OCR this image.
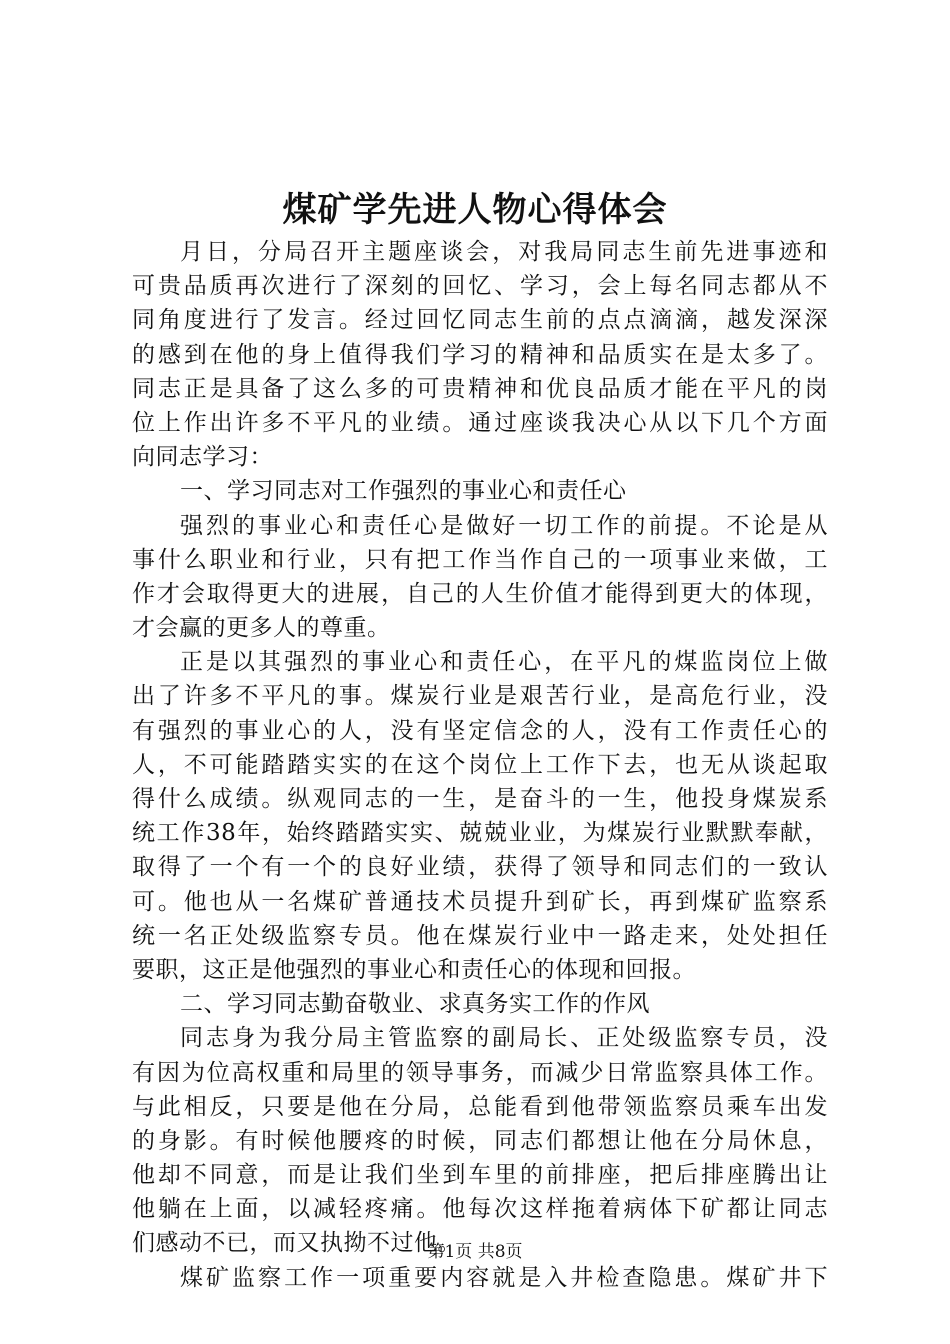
煤矿学先进人物心得体会
月日，分局召开主题座谈会，对我局同志生前先进事迹和
可贵品质再次进行了深刻的回忆、学习，会上每名同志都从不
同角度进行了发言。经过回忆同志生前的点点滴滴，越发深深
的感到在他的身上值得我们学习的精神和品质实在是太多了。
同志正是具备了这么多的可贵精神和优良品质才能在平凡的岗
位上作出许多不平凡的业绩。通过座谈我决心从以下几个方面
向同志学习：
一、学习同志对工作强烈的事业心和责任心
强烈的事业心和责任心是做好一切工作的前提。不论是从
事什么职业和行业，只有把工作当作自己的一项事业来做，工
作才会取得更大的进展，自己的人生价值才能得到更大的体现，
才会赢的更多人的尊重。
正是以其强烈的事业心和责任心，在平凡的煤监岗位上做
出了许多不平凡的事。煤炭行业是艰苦行业，是高危行业，没
有强烈的事业心的人，没有坚定信念的人，没有工作责任心的
人，不可能踏踏实实的在这个岗位上工作下去，也无从谈起取
得什么成绩。纵观同志的一生，是奋斗的一生，他投身煤炭系
统工作38年，始终踏踏实实、兢兢业业，为煤炭行业默默奉献，
取得了一个有一个的良好业绩，获得了领导和同志们的一致认
可。他也从一名煤矿普通技术员提升到矿长，再到煤矿监察系
统一名正处级监察专员。他在煤炭行业中一路走来，处处担任
要职，这正是他强烈的事业心和责任心的体现和回报。
二、学习同志勤奋敬业、求真务实工作的作风
同志身为我分局主管监察的副局长、正处级监察专员，没
有因为位高权重和局里的领导事务，而减少日常监察具体工作。
与此相反，只要是他在分局，总能看到他带领监察员乘车出发
的身影。有时候他腰疼的时候，同志们都想让他在分局休息，
他却不同意，而是让我们坐到车里的前排座，把后排座腾出让
他躺在上面，以减轻疼痛。他每次这样拖着病体下矿都让同志
们感动不已，而又执拗不过他。
煤矿监察工作一项重要内容就是入井检查隐患。煤矿井下
第1页 共8页
